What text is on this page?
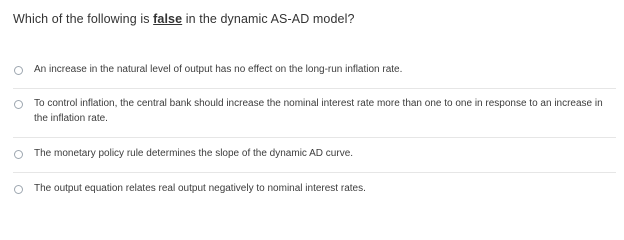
Which of the following is false in the dynamic AS-AD model?
An increase in the natural level of output has no effect on the long-run inflation rate.
To control inflation, the central bank should increase the nominal interest rate more than one to one in response to an increase in the inflation rate.
The monetary policy rule determines the slope of the dynamic AD curve.
The output equation relates real output negatively to nominal interest rates.
